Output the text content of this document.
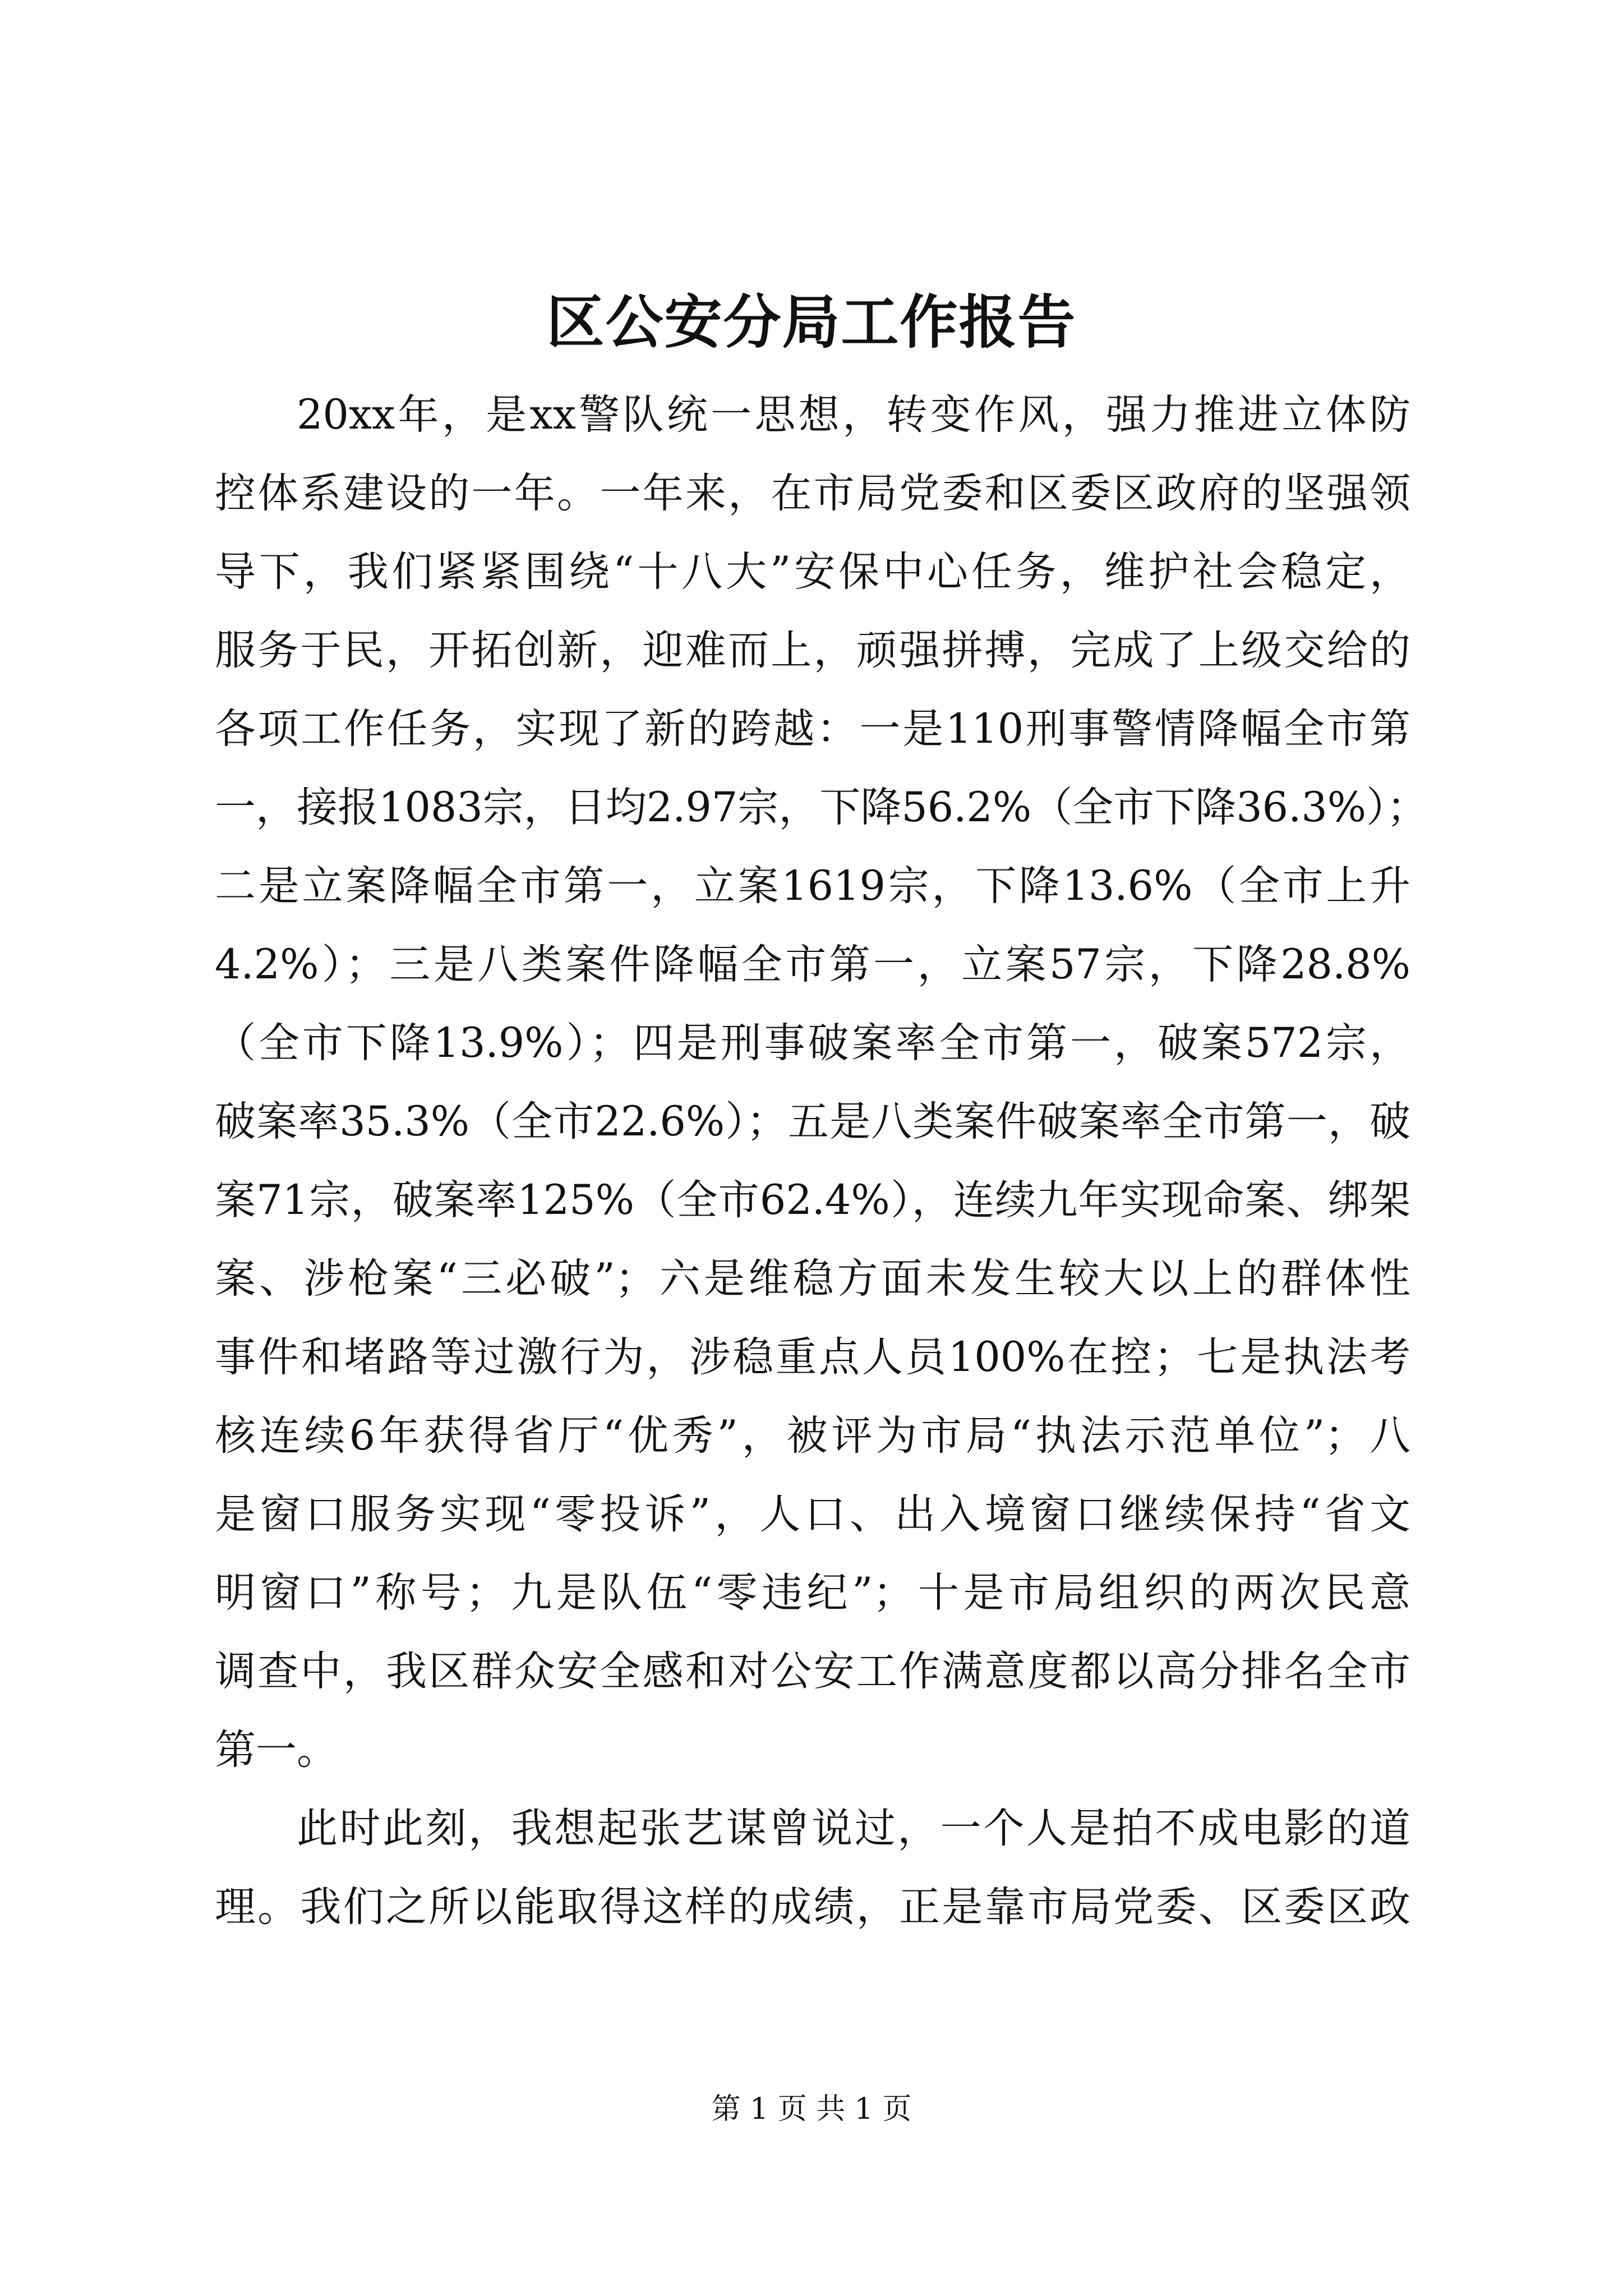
区公安分局工作报告
20xx年，是xx警队统一思想，转变作风，强力推进立体防
控体系建设的一年。一年来，在市局党委和区委区政府的坚强领
导下，我们紧紧围绕“十八大”安保中心任务，维护社会稳定，
服务于民，开拓创新，迎难而上，顽强拼搏，完成了上级交给的
各项工作任务，实现了新的跨越：一是110刑事警情降幅全市第
一，接报1083宗，日均2.97宗，下降56.2%（全市下降36.3%）；
二是立案降幅全市第一，立案1619宗，下降13.6%（全市上升
4.2%）；三是八类案件降幅全市第一，立案57宗，下降28.8%
（全市下降13.9%）；四是刑事破案率全市第一，破案572宗，
破案率35.3%（全市22.6%）；五是八类案件破案率全市第一，破
案71宗，破案率125%（全市62.4%），连续九年实现命案、绑架
案、涉枪案“三必破”；六是维稳方面未发生较大以上的群体性
事件和堵路等过激行为，涉稳重点人员100%在控；七是执法考
核连续6年获得省厅“优秀”，被评为市局“执法示范单位”；八
是窗口服务实现“零投诉”，人口、出入境窗口继续保持“省文
明窗口”称号；九是队伍“零违纪”；十是市局组织的两次民意
调查中，我区群众安全感和对公安工作满意度都以高分排名全市
第一。
此时此刻，我想起张艺谋曾说过，一个人是拍不成电影的道
理。我们之所以能取得这样的成绩，正是靠市局党委、区委区政
第 1 页 共 1 页
